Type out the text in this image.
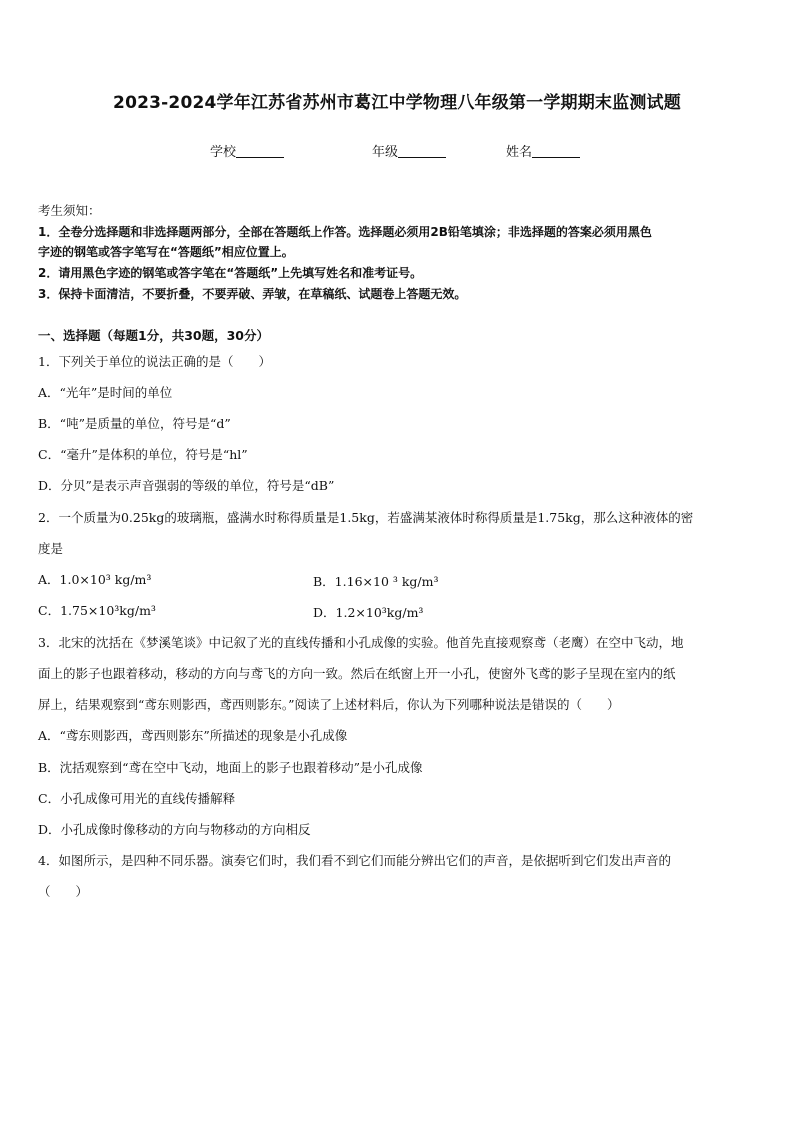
2023-2024学年江苏省苏州市葛江中学物理八年级第一学期期末监测试题
学校	年级	姓名
考生须知：
1．全卷分选择题和非选择题两部分，全部在答题纸上作答。选择题必须用2B铅笔填涂；非选择题的答案必须用黑色
字迹的钢笔或答字笔写在“答题纸”相应位置上。
2．请用黑色字迹的钢笔或答字笔在“答题纸”上先填写姓名和准考证号。
3．保持卡面清洁，不要折叠，不要弄破、弄皱，在草稿纸、试题卷上答题无效。
一、选择题（每题1分，共30题，30分）
1．下列关于单位的说法正确的是（　　）
A．“光年”是时间的单位
B．“吨”是质量的单位，符号是“d”
C．“毫升”是体积的单位，符号是“hl”
D．分贝”是表示声音强弱的等级的单位，符号是“dB”
2．一个质量为0.25kg的玻璃瓶，盛满水时称得质量是1.5kg，若盛满某液体时称得质量是1.75kg，那么这种液体的密
度是
A．1.0×10³ kg/m³	B．1.16×10 ³ kg/m³
C．1.75×10³kg/m³	D．1.2×10³kg/m³
3．北宋的沈括在《梦溪笔谈》中记叙了光的直线传播和小孔成像的实验。他首先直接观察鸢（老鹰）在空中飞动，地
面上的影子也跟着移动，移动的方向与鸢飞的方向一致。然后在纸窗上开一小孔，使窗外飞鸢的影子呈现在室内的纸
屏上，结果观察到“鸢东则影西，鸢西则影东。”阅读了上述材料后，你认为下列哪种说法是错误的（　　）
A．“鸢东则影西，鸢西则影东”所描述的现象是小孔成像
B．沈括观察到“鸢在空中飞动，地面上的影子也跟着移动”是小孔成像
C．小孔成像可用光的直线传播解释
D．小孔成像时像移动的方向与物移动的方向相反
4．如图所示，是四种不同乐器。演奏它们时，我们看不到它们而能分辨出它们的声音，是依据听到它们发出声音的
（　　）
